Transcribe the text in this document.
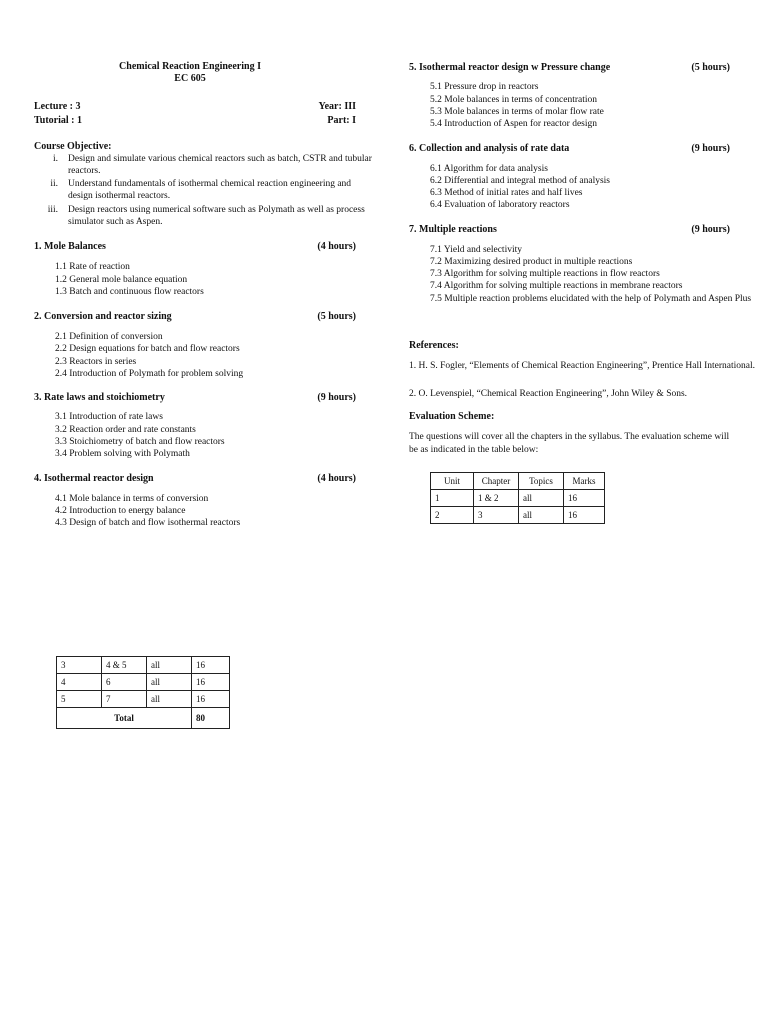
Chemical Reaction Engineering I
EC 605
Lecture : 3
Tutorial : 1
Year: III
Part: I
Course Objective:
i. Design and simulate various chemical reactors such as batch, CSTR and tubular reactors.
ii. Understand fundamentals of isothermal chemical reaction engineering and design isothermal reactors.
iii. Design reactors using numerical software such as Polymath as well as process simulator such as Aspen.
1. Mole Balances	(4 hours)
1.1 Rate of reaction
1.2 General mole balance equation
1.3 Batch and continuous flow reactors
2. Conversion and reactor sizing	(5 hours)
2.1 Definition of conversion
2.2 Design equations for batch and flow reactors
2.3 Reactors in series
2.4 Introduction of Polymath for problem solving
3. Rate laws and stoichiometry	(9 hours)
3.1 Introduction of rate laws
3.2 Reaction order and rate constants
3.3 Stoichiometry of batch and flow reactors
3.4 Problem solving with Polymath
4. Isothermal reactor design	(4 hours)
4.1 Mole balance in terms of conversion
4.2 Introduction to energy balance
4.3 Design of batch and flow isothermal reactors
5. Isothermal reactor design w Pressure change	(5 hours)
5.1 Pressure drop in reactors
5.2 Mole balances in terms of concentration
5.3 Mole balances in terms of molar flow rate
5.4 Introduction of Aspen for reactor design
6. Collection and analysis of rate data	(9 hours)
6.1 Algorithm for data analysis
6.2 Differential and integral method of analysis
6.3 Method of initial rates and half lives
6.4 Evaluation of laboratory reactors
7. Multiple reactions	(9 hours)
7.1 Yield and selectivity
7.2 Maximizing desired product in multiple reactions
7.3 Algorithm for solving multiple reactions in flow reactors
7.4 Algorithm for solving multiple reactions in membrane reactors
7.5 Multiple reaction problems elucidated with the help of Polymath and Aspen Plus
References:
1. H. S. Fogler, “Elements of Chemical Reaction Engineering”, Prentice Hall International.
2. O. Levenspiel, “Chemical Reaction Engineering”, John Wiley & Sons.
Evaluation Scheme:
The questions will cover all the chapters in the syllabus. The evaluation scheme will be as indicated in the table below:
Unit	Chapter	Topics	Marks
1	1 & 2	all	16
2	3	all	16
3	4 & 5	all	16
4	6	all	16
5	7	all	16
Total			80
